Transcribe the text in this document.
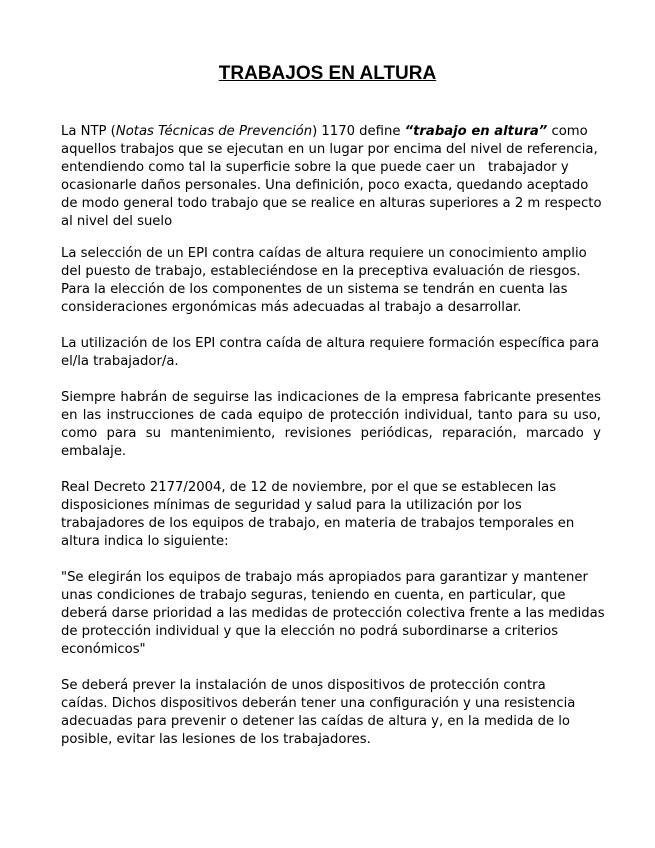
TRABAJOS EN ALTURA
La NTP (Notas Técnicas de Prevención) 1170 define “trabajo en altura” como
aquellos trabajos que se ejecutan en un lugar por encima del nivel de referencia,
entendiendo como tal la superficie sobre la que puede caer un   trabajador y
ocasionarle daños personales. Una definición, poco exacta, quedando aceptado
de modo general todo trabajo que se realice en alturas superiores a 2 m respecto
al nivel del suelo
La selección de un EPI contra caídas de altura requiere un conocimiento amplio
del puesto de trabajo, estableciéndose en la preceptiva evaluación de riesgos.
Para la elección de los componentes de un sistema se tendrán en cuenta las
consideraciones ergonómicas más adecuadas al trabajo a desarrollar.
La utilización de los EPI contra caída de altura requiere formación específica para
el/la trabajador/a.
Siempre habrán de seguirse las indicaciones de la empresa fabricante presentes en las instrucciones de cada equipo de protección individual, tanto para su uso, como para su mantenimiento, revisiones periódicas, reparación, marcado y embalaje.
Real Decreto 2177/2004, de 12 de noviembre, por el que se establecen las
disposiciones mínimas de seguridad y salud para la utilización por los
trabajadores de los equipos de trabajo, en materia de trabajos temporales en
altura indica lo siguiente:
"Se elegirán los equipos de trabajo más apropiados para garantizar y mantener
unas condiciones de trabajo seguras, teniendo en cuenta, en particular, que
deberá darse prioridad a las medidas de protección colectiva frente a las medidas
de protección individual y que la elección no podrá subordinarse a criterios
económicos"
Se deberá prever la instalación de unos dispositivos de protección contra
caídas. Dichos dispositivos deberán tener una configuración y una resistencia
adecuadas para prevenir o detener las caídas de altura y, en la medida de lo
posible, evitar las lesiones de los trabajadores.
